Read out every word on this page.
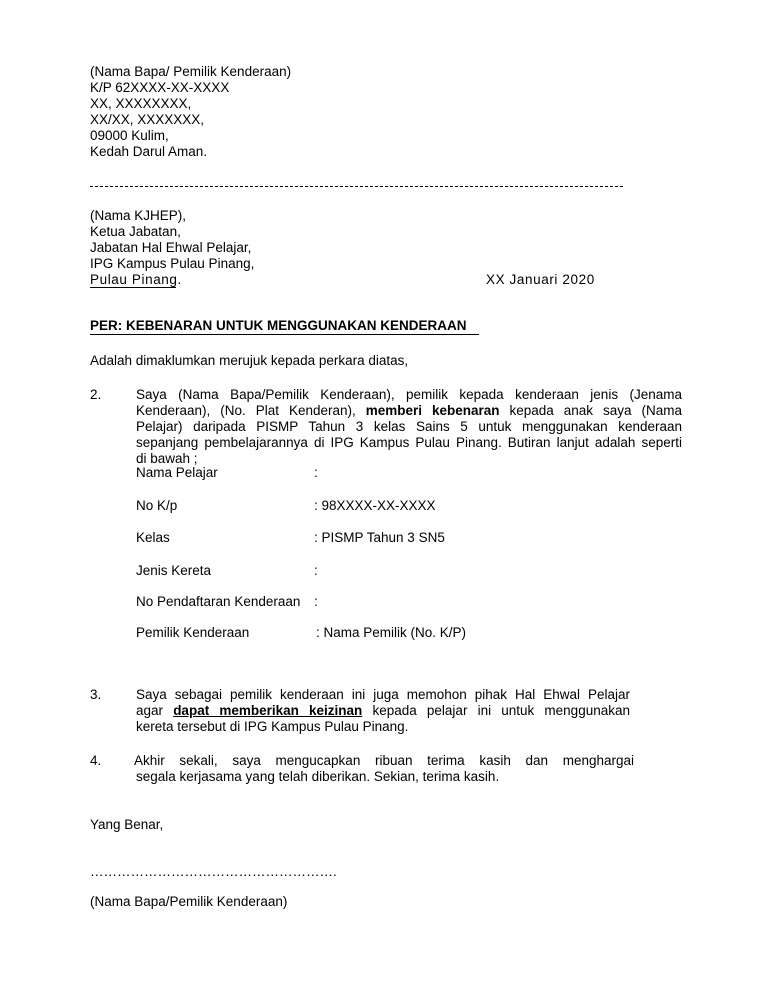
(Nama Bapa/ Pemilik Kenderaan)
K/P 62XXXX-XX-XXXX
XX, XXXXXXXX,
XX/XX, XXXXXXX,
09000 Kulim,
Kedah Darul Aman.
(Nama KJHEP),
Ketua Jabatan,
Jabatan Hal Ehwal Pelajar,
IPG Kampus Pulau Pinang,
Pulau Pinang.	XX Januari 2020
PER: KEBENARAN UNTUK MENGGUNAKAN KENDERAAN
Adalah dimaklumkan merujuk kepada perkara diatas,
2.	Saya (Nama Bapa/Pemilik Kenderaan), pemilik kepada kenderaan jenis (Jenama
Kenderaan), (No. Plat Kenderan), memberi kebenaran kepada anak saya (Nama
Pelajar) daripada PISMP Tahun 3 kelas Sains 5 untuk menggunakan kenderaan
sepanjang pembelajarannya di IPG Kampus Pulau Pinang. Butiran lanjut adalah seperti
di bawah ;
Nama Pelajar	:
No K/p	: 98XXXX-XX-XXXX
Kelas	: PISMP Tahun 3 SN5
Jenis Kereta	:
No Pendaftaran Kenderaan :
Pemilik Kenderaan	: Nama Pemilik (No. K/P)
3.	Saya sebagai pemilik kenderaan ini juga memohon pihak Hal Ehwal Pelajar
agar dapat memberikan keizinan kepada pelajar ini untuk menggunakan
kereta tersebut di IPG Kampus Pulau Pinang.
4. Akhir sekali, saya mengucapkan ribuan terima kasih dan menghargai
segala kerjasama yang telah diberikan. Sekian, terima kasih.
Yang Benar,
……………………………………………….
(Nama Bapa/Pemilik Kenderaan)
